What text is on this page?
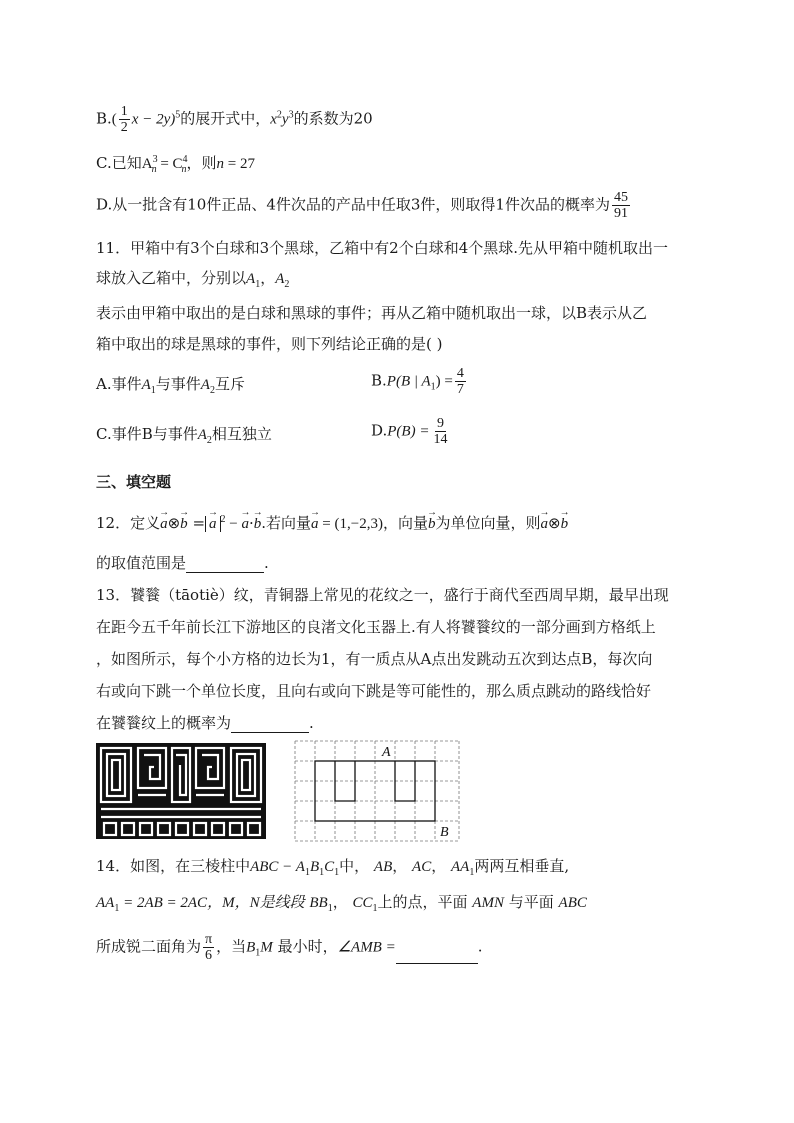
$B.( \frac{1}{2}$ $x - 2y)^5$的展开式中，$x^2y^3$的系数为20
C.已知$A^3_n = C^4_n$，则n = 27
D.从一批含有10件正品、4件次品的产品中任取3件，则取得1件次品的概率为 $\frac{45}{91}$
11．甲箱中有3个白球和3个黑球，乙箱中有2个白球和4个黑球.先从甲箱中随机取出一
球放入乙箱中，分别以$A_1$，$A_2$
表示由甲箱中取出的是白球和黑球的事件；再从乙箱中随机取出一球，以B表示从乙
箱中取出的球是黑球的事件，则下列结论正确的是( )
A.事件$A_1$与事件$A_2$互斥	B.P(B | $A_1) = \frac{4}{7}$
C.事件B与事件$A_2$相互独立	$D.P(B) = \frac{9}{14}$
三、填空题
12．定义→ a⊗→ b =→ a $^2$ − → a·→ b.若向量→ a = (1,−2,3)，向量→ b为单位向量，则→ a⊗→ b
的取值范围是	.
13．饕餮（tāotiè）纹，青铜器上常见的花纹之一，盛行于商代至西周早期，最早出现
在距今五千年前长江下游地区的良渚文化玉器上.有人将饕餮纹的一部分画到方格纸上
，如图所示，每个小方格的边长为1，有一质点从A点出发跳动五次到达点B，每次向
右或向下跳一个单位长度，且向右或向下跳是等可能性的，那么质点跳动的路线恰好
在饕餮纹上的概率为	.
A
B
14．如图，在三棱柱中ABC − $A_1B_1C_1$中， AB， AC， $AA_1$两两互相垂直,
$AA_1 = 2AB = 2AC$，M，N是线段 $BB_1$， $CC_1$上的点，平面 AMN 与平面 ABC
所成锐二面角为 $\frac{\pi}{6}$ ，当$B_1M$ 最小时，∠AMB =	.
